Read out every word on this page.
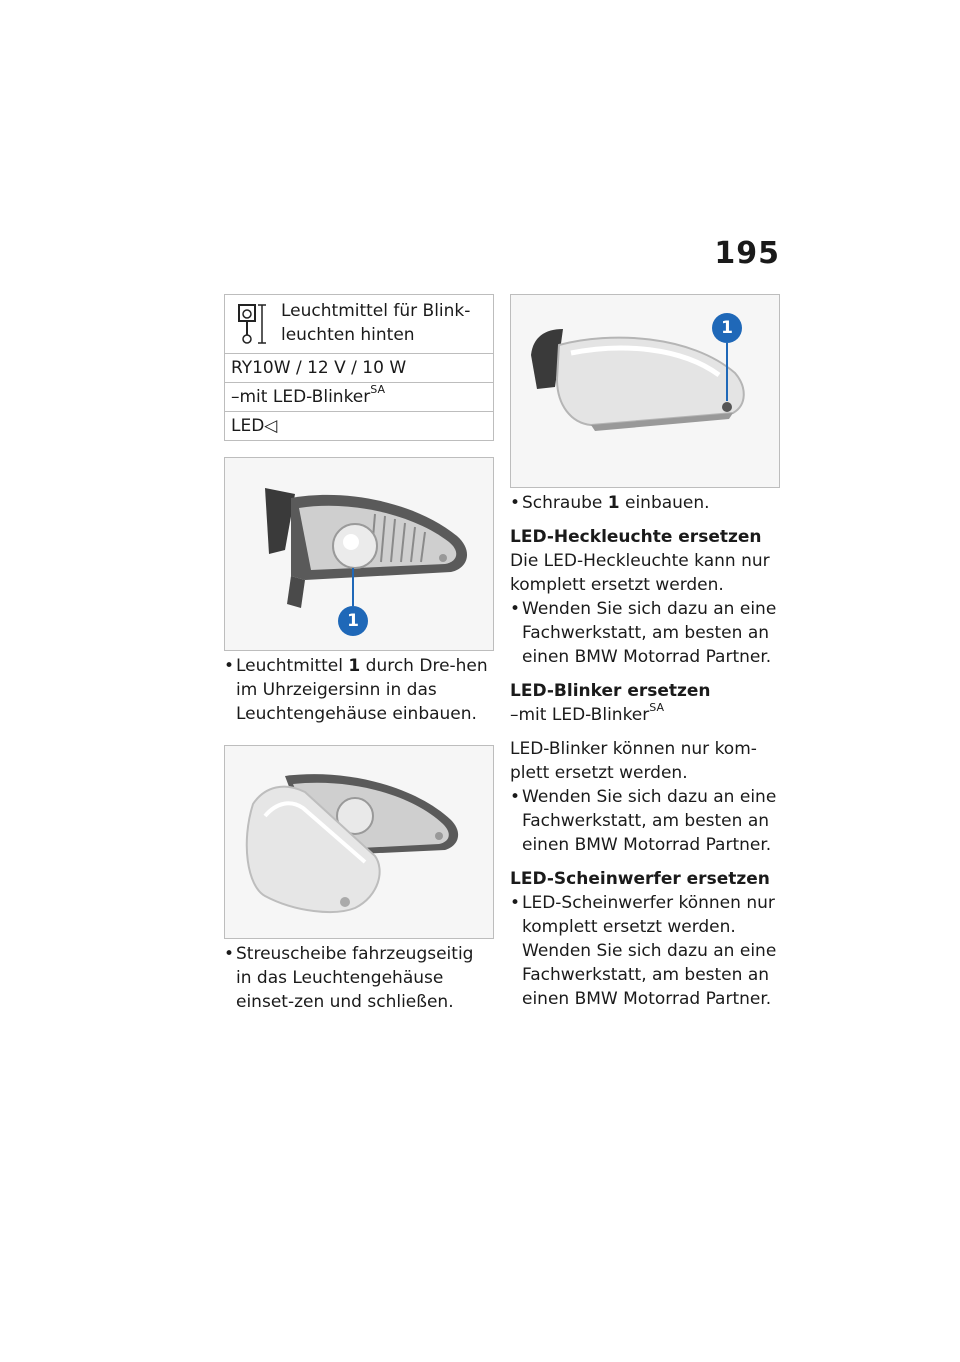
195
Leuchtmittel für Blink-leuchten hinten
RY10W / 12 V / 10 W
–mit LED-Blinker$^{SA}$
LED◁
1
• Leuchtmittel 1 durch Dre-hen im Uhrzeigersinn in das Leuchtengehäuse einbauen.
• Streuscheibe fahrzeugseitig in das Leuchtengehäuse einset-zen und schließen.
1
• Schraube 1 einbauen.
LED-Heckleuchte ersetzen
Die LED-Heckleuchte kann nur komplett ersetzt werden.
• Wenden Sie sich dazu an eine Fachwerkstatt, am besten an einen BMW Motorrad Partner.
LED-Blinker ersetzen
–mit LED-Blinker$^{SA}$
LED-Blinker können nur kom-plett ersetzt werden.
• Wenden Sie sich dazu an eine Fachwerkstatt, am besten an einen BMW Motorrad Partner.
LED-Scheinwerfer ersetzen
• LED-Scheinwerfer können nur komplett ersetzt werden. Wenden Sie sich dazu an eine Fachwerkstatt, am besten an einen BMW Motorrad Partner.
